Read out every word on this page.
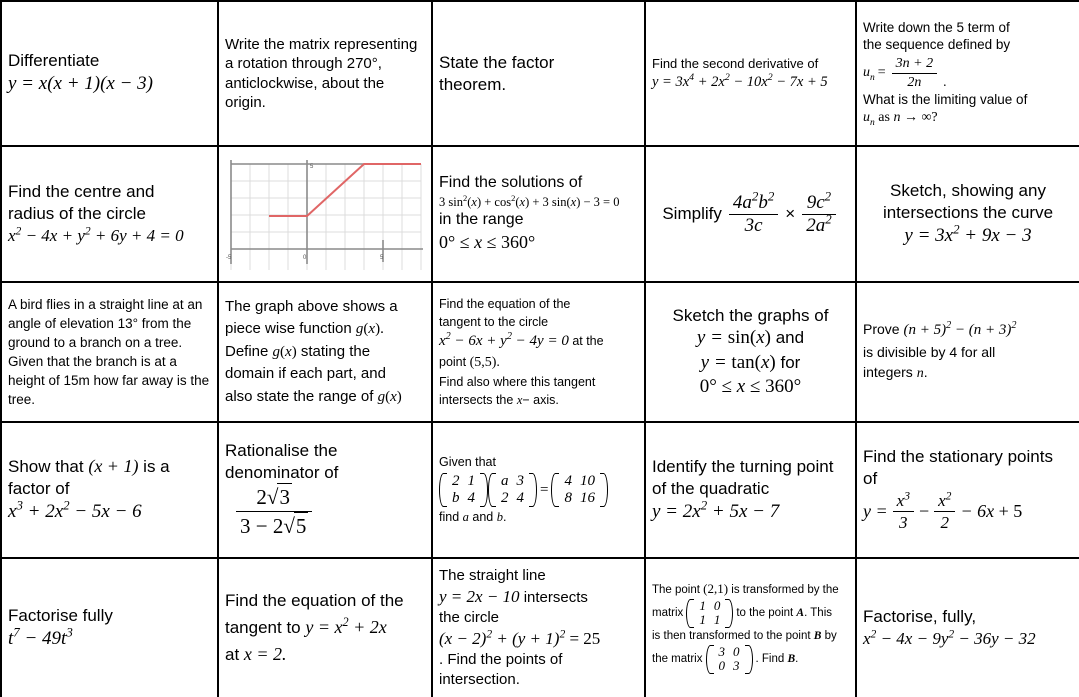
Differentiate
y = x(x + 1)(x − 3)

Write the matrix representing a rotation through 270°, anticlockwise, about the origin.

State the factor
theorem.

Find the second derivative of
$y = 3x^4 + 2x^2 - 10x^2 - 7x + 5$

Write down the 5 term of
the sequence defined by
$u_n = \frac{3n + 2}{2n}$ .
What is the limiting value of
$u_n$ as n → ∞?

Find the centre and
radius of the circle
$x^2 - 4x + y^2 + 6y + 4 = 0$

-5	0	5
5

Find the solutions of
3 $\sin^2(x) + \cos^2(x) + 3$ sin(x) − 3 = 0
in the range
0° ≤ x ≤ 360°

Simplify $\frac{4a^2b^2}{3c} \times \frac{9c^2}{2a^2}$

Sketch, showing any
intersections the curve
$y = 3x^2 + 9x - 3$

A bird flies in a straight line at an angle of elevation 13° from the ground to a branch on a tree. Given that the branch is at a height of 15m how far away is the tree.

The graph above shows a
piece wise function g(x).
Define g(x) stating the
domain if each part, and
also state the range of g(x)

Find the equation of the
tangent to the circle
$x^2 - 6x + y^2 - 4y = 0$ at the
point (5,5).
Find also where this tangent
intersects the x− axis.

Sketch the graphs of
y = sin(x) and
y = tan(x) for
0° ≤ x ≤ 360°

Prove $(n + 5)^2 - (n + 3)^2$
is divisible by 4 for all
integers n.

Show that (x + 1) is a
factor of
$x^3 + 2x^2 - 5x - 6$

Rationalise the
denominator of
$\frac{2√3}{3 - 2√5}$

Given that
2	1
b	4
a	3
2	4
=
4	10
8	16
find a and b.

Identify the turning point
of the quadratic
$y = 2x^2 + 5x - 7$

Find the stationary points
of
$y = \frac{x^3}{3} - \frac{x^2}{2} - 6x + 5$

Factorise fully
$t^7 - 49t^3$

Find the equation of the
tangent to $y = x^2 + 2x$
at x = 2.

The straight line
y = 2x − 10 intersects
the circle
$(x - 2)^2 + (y + 1)^2 = 25$
. Find the points of
intersection.

The point (2,1) is transformed by the
matrix
1	0
1	1 to the point A. This
is then transformed to the point B by
the matrix
3	0
0	3 . Find B.

Factorise, fully,
$x^2 - 4x - 9y^2 - 36y - 32$
